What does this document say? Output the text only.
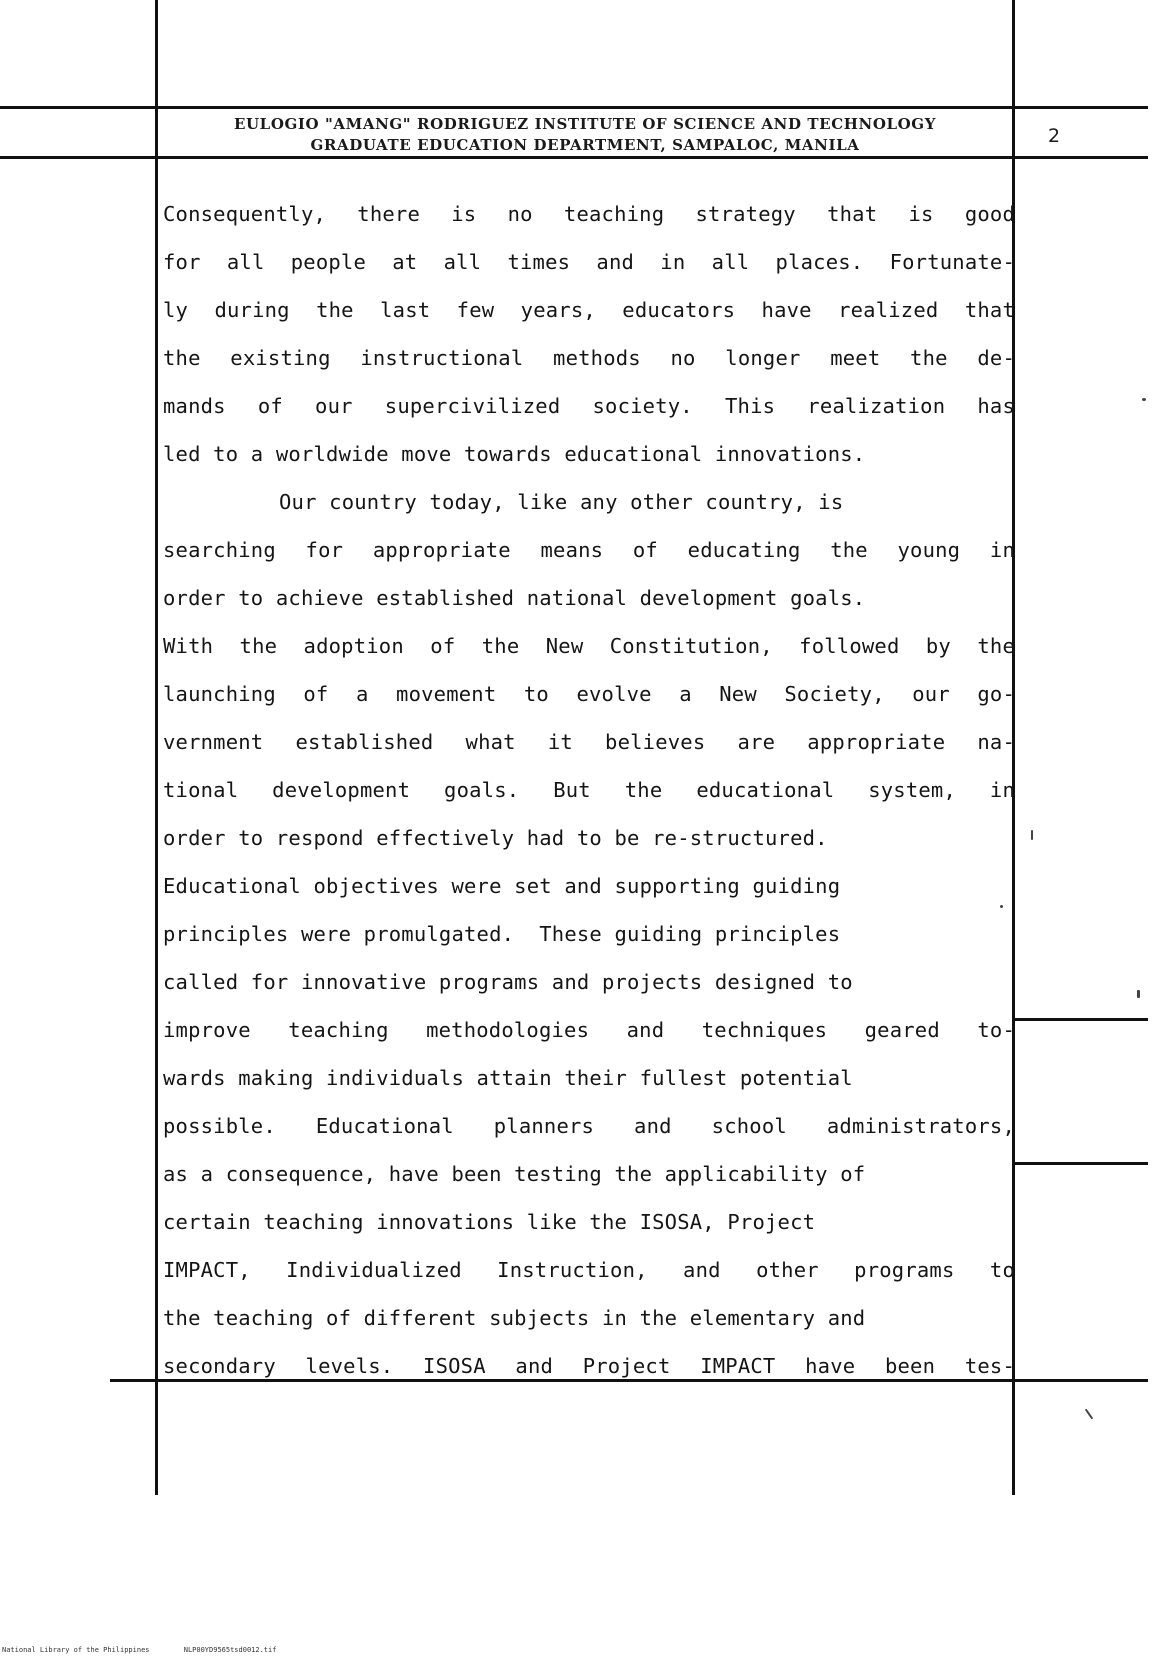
EULOGIO "AMANG" RODRIGUEZ INSTITUTE OF SCIENCE AND TECHNOLOGY
GRADUATE EDUCATION DEPARTMENT, SAMPALOC, MANILA	2
Consequently, there is no teaching strategy that is good
for all people at all times and in all places. Fortunate-
ly during the last few years, educators have realized that
the existing instructional methods no longer meet the de-
mands of our supercivilized society. This realization has
led to a worldwide move towards educational innovations.
Our country today, like any other country, is
searching for appropriate means of educating the young in
order to achieve established national development goals.
With the adoption of the New Constitution, followed by the
launching of a movement to evolve a New Society, our go-
vernment established what it believes are appropriate na-
tional development goals. But the educational system, in
order to respond effectively had to be re-structured.
Educational objectives were set and supporting guiding
principles were promulgated.  These guiding principles
called for innovative programs and projects designed to
improve teaching methodologies and techniques geared to-
wards making individuals attain their fullest potential
possible. Educational planners and school administrators,
as a consequence, have been testing the applicability of
certain teaching innovations like the ISOSA, Project
IMPACT, Individualized Instruction, and other programs to
the teaching of different subjects in the elementary and
secondary levels. ISOSA and Project IMPACT have been tes-
National Library of the Philippines	NLP00YD9565tsd0012.tif
